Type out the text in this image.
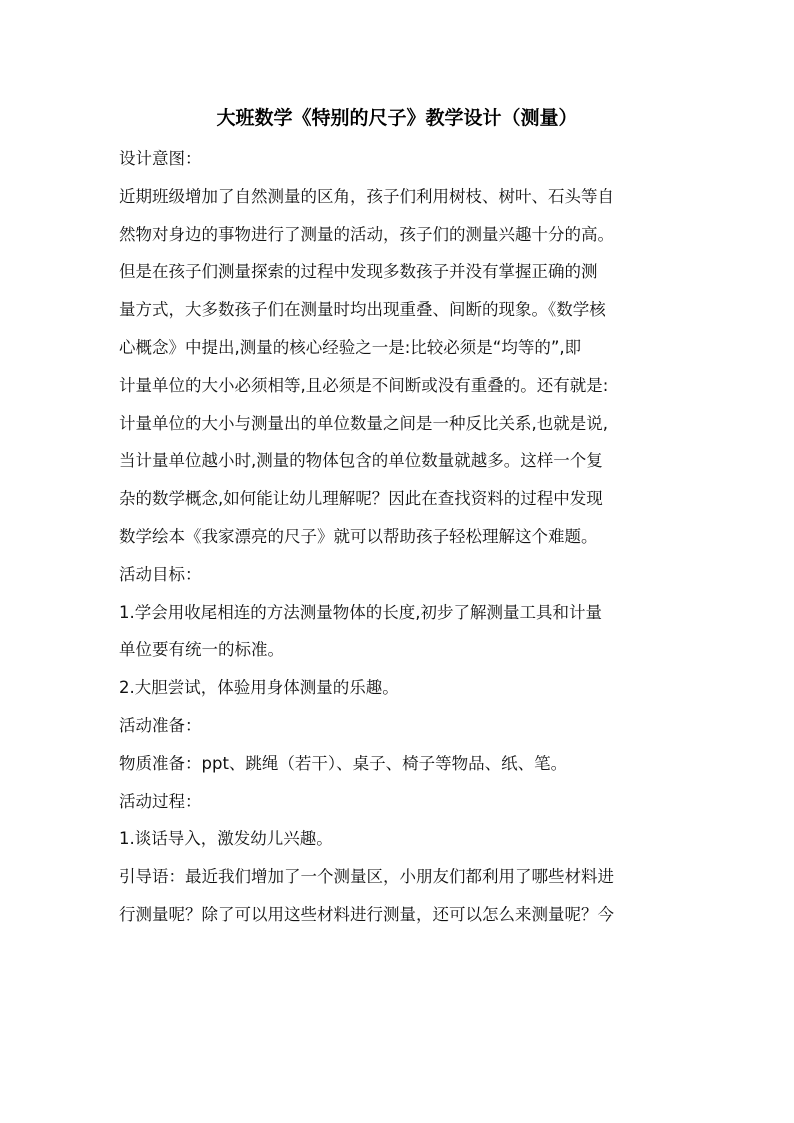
大班数学《特别的尺子》教学设计（测量）
设计意图：
近期班级增加了自然测量的区角，孩子们利用树枝、树叶、石头等自
然物对身边的事物进行了测量的活动，孩子们的测量兴趣十分的高。
但是在孩子们测量探索的过程中发现多数孩子并没有掌握正确的测
量方式，大多数孩子们在测量时均出现重叠、间断的现象。《数学核
心概念》中提出,测量的核心经验之一是:比较必须是“均等的”,即
计量单位的大小必须相等,且必须是不间断或没有重叠的。还有就是:
计量单位的大小与测量出的单位数量之间是一种反比关系,也就是说,
当计量单位越小时,测量的物体包含的单位数量就越多。这样一个复
杂的数学概念,如何能让幼儿理解呢？因此在查找资料的过程中发现
数学绘本《我家漂亮的尺子》就可以帮助孩子轻松理解这个难题。
活动目标：
1.学会用收尾相连的方法测量物体的长度,初步了解测量工具和计量
单位要有统一的标准。
2.大胆尝试，体验用身体测量的乐趣。
活动准备：
物质准备：ppt、跳绳（若干）、桌子、椅子等物品、纸、笔。
活动过程：
1.谈话导入，激发幼儿兴趣。
引导语：最近我们增加了一个测量区，小朋友们都利用了哪些材料进
行测量呢？除了可以用这些材料进行测量，还可以怎么来测量呢？今
